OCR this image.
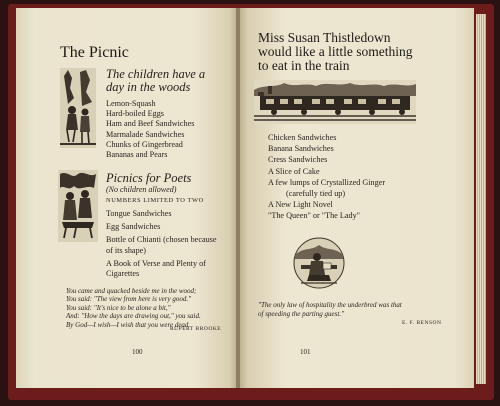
The Picnic
The children have a
day in the woods
Lemon-Squash
Hard-boiled Eggs
Ham and Beef Sandwiches
Marmalade Sandwiches
Chunks of Gingerbread
Bananas and Pears
Picnics for Poets
(No children allowed)
NUMBERS LIMITED TO TWO
Tongue Sandwiches
Egg Sandwiches
Bottle of Chianti (chosen because
of its shape)
A Book of Verse and Plenty of
Cigarettes
You came and quacked beside me in the wood;
You said: "The view from here is very good."
You said: "It's nice to be alone a bit,"
And: "How the days are drawing out," you said.
By God—I wish—I wish that you were dead.
RUPERT BROOKE
100
Miss Susan Thistledown
would like a little something
to eat in the train
Chicken Sandwiches
Banana Sandwiches
Cress Sandwiches
A Slice of Cake
A few lumps of Crystallized Ginger
(carefully tied up)
A New Light Novel
"The Queen" or "The Lady"
"The only law of hospitality the underbred was that
of speeding the parting guest."
E. F. BENSON
101
